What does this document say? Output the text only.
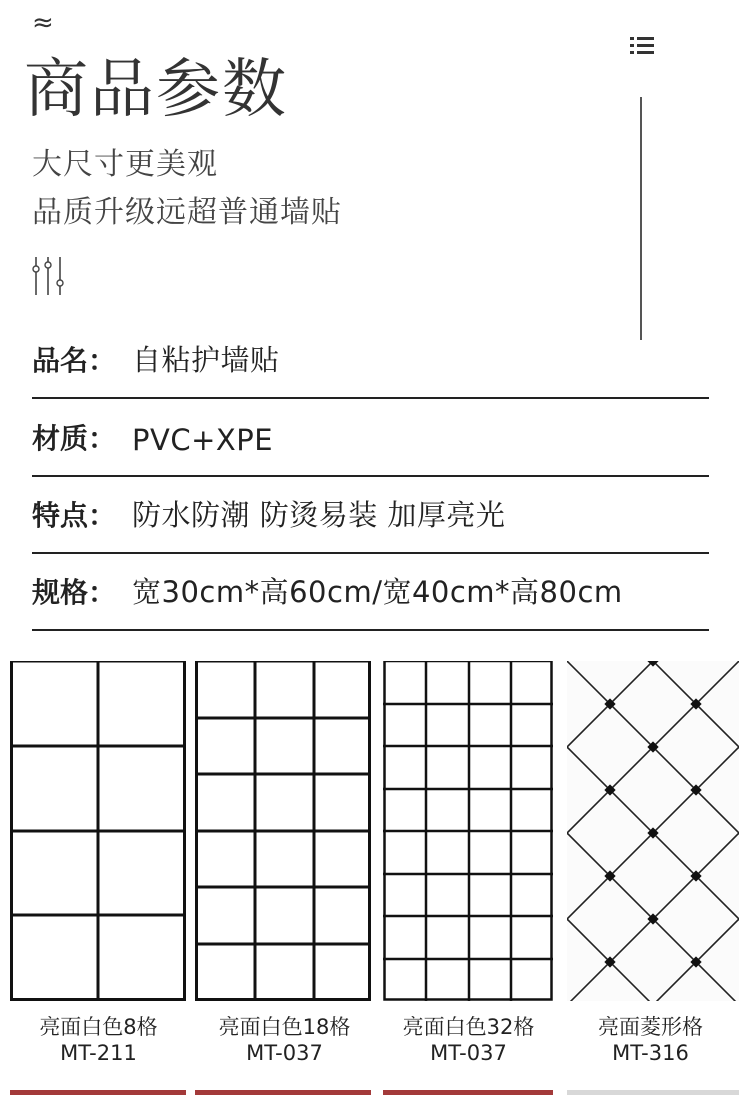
≈
商品参数
大尺寸更美观
品质升级远超普通墙贴
品名： 自粘护墙贴
材质： PVC+XPE
特点： 防水防潮 防烫易装 加厚亮光
规格： 宽30cm*高60cm/宽40cm*高80cm
亮面白色8格
MT-211
亮面白色18格
MT-037
亮面白色32格
MT-037
亮面菱形格
MT-316
